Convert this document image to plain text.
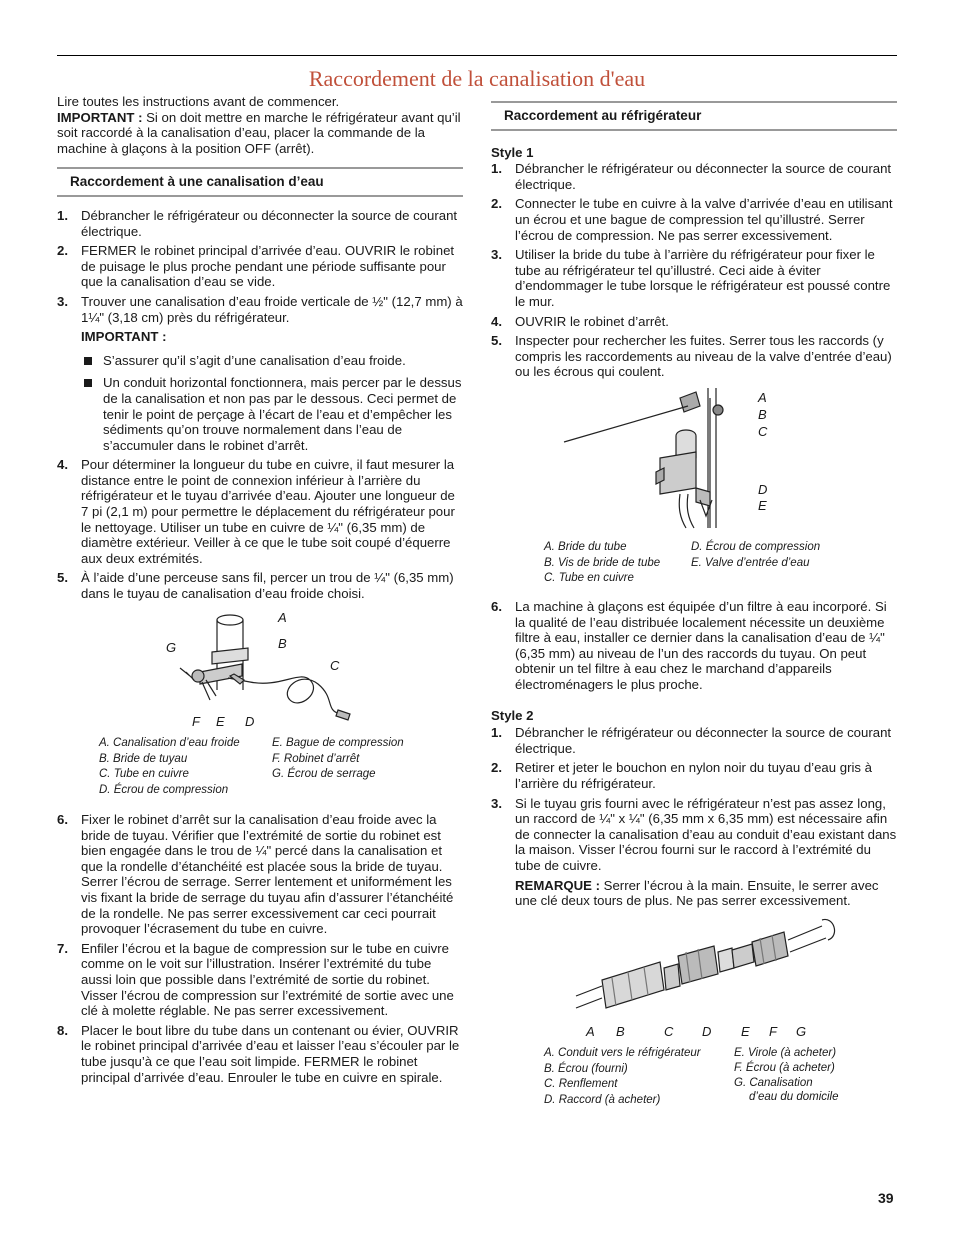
Raccordement de la canalisation d'eau

Lire toutes les instructions avant de commencer.

IMPORTANT : Si on doit mettre en marche le réfrigérateur avant qu’il soit raccordé à la canalisation d’eau, placer la commande de la machine à glaçons à la position OFF (arrêt).

Raccordement à une canalisation d’eau
1. Débrancher le réfrigérateur ou déconnecter la source de courant électrique.
2. FERMER le robinet principal d’arrivée d’eau. OUVRIR le robinet de puisage le plus proche pendant une période suffisante pour que la canalisation d’eau se vide.
3. Trouver une canalisation d’eau froide verticale de ½" (12,7 mm) à 1¼" (3,18 cm) près du réfrigérateur.

IMPORTANT :

S’assurer qu’il s’agit d’une canalisation d’eau froide.
Un conduit horizontal fonctionnera, mais percer par le dessus de la canalisation et non pas par le dessous. Ceci permet de tenir le point de perçage à l’écart de l’eau et d’empêcher les sédiments qu’on trouve normalement dans l’eau de s’accumuler dans le robinet d’arrêt.
4. Pour déterminer la longueur du tube en cuivre, il faut mesurer la distance entre le point de connexion inférieur à l’arrière du réfrigérateur et le tuyau d’arrivée d’eau. Ajouter une longueur de 7 pi (2,1 m) pour permettre le déplacement du réfrigérateur pour le nettoyage. Utiliser un tube en cuivre de ¼" (6,35 mm) de diamètre extérieur. Veiller à ce que le tube soit coupé d’équerre aux deux extrémités.
5. À l’aide d’une perceuse sans fil, percer un trou de ¼" (6,35 mm) dans le tuyau de canalisation d’eau froide choisi.
A
B
C
G
F E D
A. Canalisation d’eau froide
B. Bride de tuyau
C. Tube en cuivre
D. Écrou de compression
E. Bague de compression
F. Robinet d’arrêt
G. Écrou de serrage
6. Fixer le robinet d’arrêt sur la canalisation d’eau froide avec la bride de tuyau. Vérifier que l’extrémité de sortie du robinet est bien engagée dans le trou de ¼" percé dans la canalisation et que la rondelle d’étanchéité est placée sous la bride de tuyau. Serrer l’écrou de serrage. Serrer lentement et uniformément les vis fixant la bride de serrage du tuyau afin d’assurer l’étanchéité de la rondelle. Ne pas serrer excessivement car ceci pourrait provoquer l’écrasement du tube en cuivre.
7. Enfiler l’écrou et la bague de compression sur le tube en cuivre comme on le voit sur l’illustration. Insérer l’extrémité du tube aussi loin que possible dans l’extrémité de sortie du robinet. Visser l’écrou de compression sur l’extrémité de sortie avec une clé à molette réglable. Ne pas serrer excessivement.
8. Placer le bout libre du tube dans un contenant ou évier, OUVRIR le robinet principal d’arrivée d’eau et laisser l’eau s’écouler par le tube jusqu’à ce que l’eau soit limpide. FERMER le robinet principal d’arrivée d’eau. Enrouler le tube en cuivre en spirale.
Raccordement au réfrigérateur

Style 1

1. Débrancher le réfrigérateur ou déconnecter la source de courant électrique.
2. Connecter le tube en cuivre à la valve d’arrivée d’eau en utilisant un écrou et une bague de compression tel qu’illustré. Serrer l’écrou de compression. Ne pas serrer excessivement.
3. Utiliser la bride du tube à l’arrière du réfrigérateur pour fixer le tube au réfrigérateur tel qu’illustré. Ceci aide à éviter d’endommager le tube lorsque le réfrigérateur est poussé contre le mur.
4. OUVRIR le robinet d’arrêt.
5. Inspecter pour rechercher les fuites. Serrer tous les raccords (y compris les raccordements au niveau de la valve d’entrée d’eau) ou les écrous qui coulent.
A
B
C
D
E
A. Bride du tube
B. Vis de bride de tube
C. Tube en cuivre
D. Écrou de compression
E. Valve d’entrée d’eau
6. La machine à glaçons est équipée d’un filtre à eau incorporé. Si la qualité de l’eau distribuée localement nécessite un deuxième filtre à eau, installer ce dernier dans la canalisation d’eau de ¼" (6,35 mm) au niveau de l’un des raccords du tuyau. On peut obtenir un tel filtre à eau chez le marchand d’appareils électroménagers le plus proche.

Style 2

1. Débrancher le réfrigérateur ou déconnecter la source de courant électrique.
2. Retirer et jeter le bouchon en nylon noir du tuyau d’eau gris à l’arrière du réfrigérateur.
3. Si le tuyau gris fourni avec le réfrigérateur n’est pas assez long, un raccord de ¼" x ¼" (6,35 mm x 6,35 mm) est nécessaire afin de connecter la canalisation d’eau au conduit d’eau existant dans la maison. Visser l’écrou fourni sur le raccord à l’extrémité du tube de cuivre.

REMARQUE : Serrer l’écrou à la main. Ensuite, le serrer avec une clé deux tours de plus. Ne pas serrer excessivement.

A B	C D E F G
A. Conduit vers le réfrigérateur
B. Écrou (fourni)
C. Renflement
D. Raccord (à acheter)
E. Virole (à acheter)
F. Écrou (à acheter)
G. Canalisation
d’eau du domicile
39
